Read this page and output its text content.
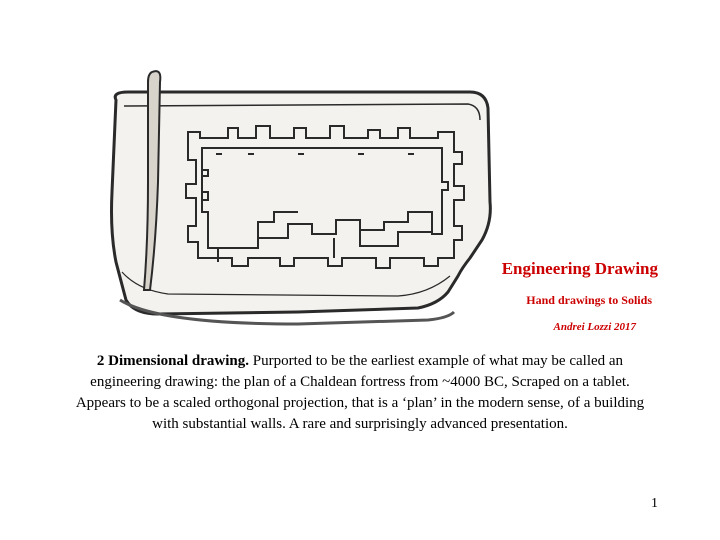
Engineering Drawing
Hand drawings to Solids
Andrei Lozzi 2017
2 Dimensional drawing. Purported to be the earliest example of what may be called an engineering drawing: the plan of a Chaldean fortress from ~4000 BC, Scraped on a tablet. Appears to be a scaled orthogonal projection, that is a ‘plan’ in the modern sense, of a building with substantial walls. A rare and surprisingly advanced presentation.
1
